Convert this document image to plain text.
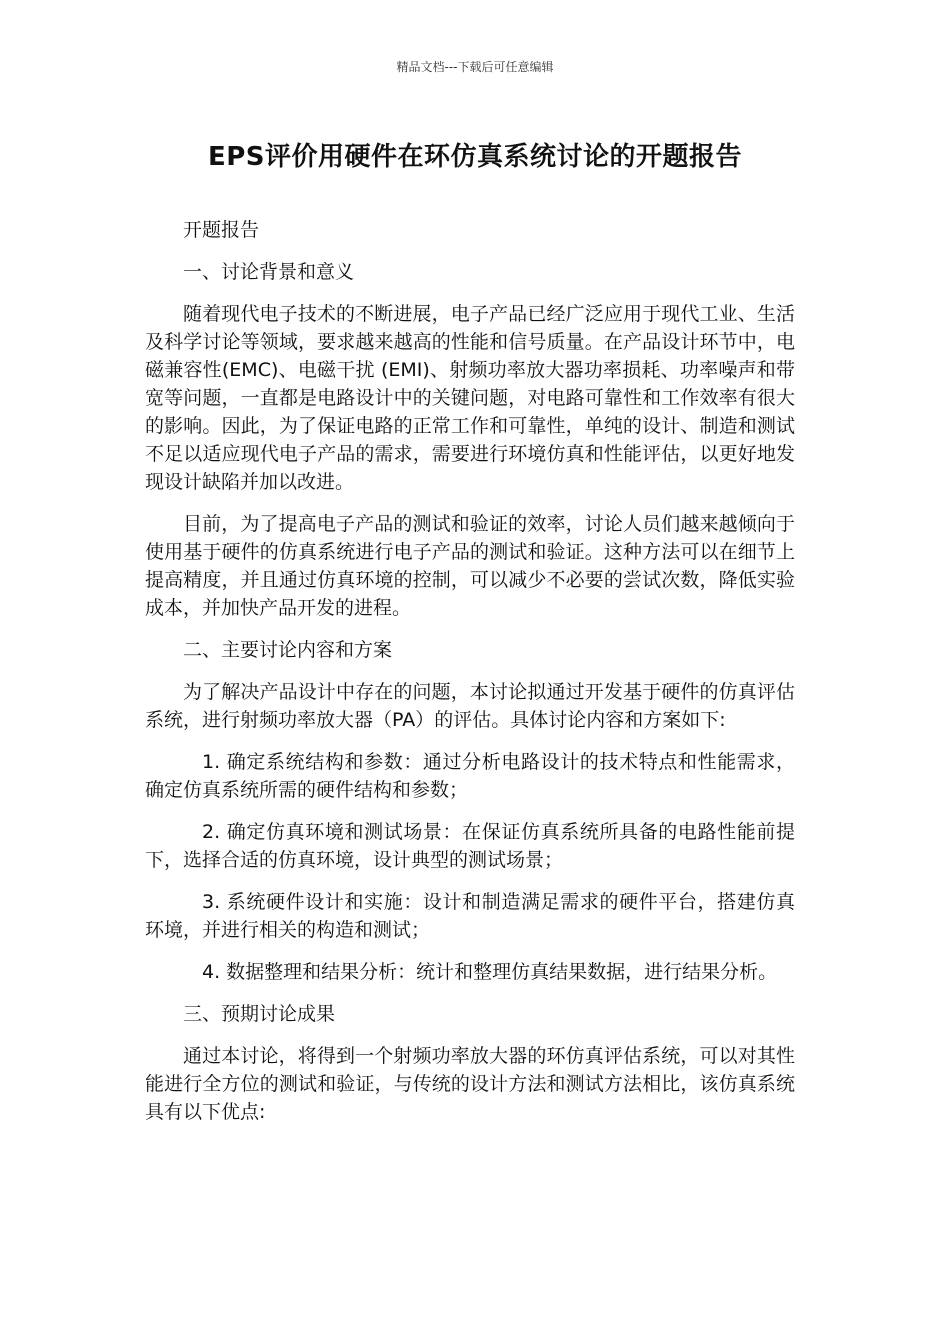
精品文档---下载后可任意编辑
EPS评价用硬件在环仿真系统讨论的开题报告

开题报告

一、讨论背景和意义

随着现代电子技术的不断进展，电子产品已经广泛应用于现代工业、生活及科学讨论等领域，要求越来越高的性能和信号质量。在产品设计环节中，电磁兼容性(EMC)、电磁干扰 (EMI)、射频功率放大器功率损耗、功率噪声和带宽等问题，一直都是电路设计中的关键问题，对电路可靠性和工作效率有很大的影响。因此，为了保证电路的正常工作和可靠性，单纯的设计、制造和测试不足以适应现代电子产品的需求，需要进行环境仿真和性能评估，以更好地发现设计缺陷并加以改进。

目前，为了提高电子产品的测试和验证的效率，讨论人员们越来越倾向于使用基于硬件的仿真系统进行电子产品的测试和验证。这种方法可以在细节上提高精度，并且通过仿真环境的控制，可以减少不必要的尝试次数，降低实验成本，并加快产品开发的进程。

二、主要讨论内容和方案

为了解决产品设计中存在的问题，本讨论拟通过开发基于硬件的仿真评估系统，进行射频功率放大器（PA）的评估。具体讨论内容和方案如下:

1. 确定系统结构和参数：通过分析电路设计的技术特点和性能需求，确定仿真系统所需的硬件结构和参数；

2. 确定仿真环境和测试场景：在保证仿真系统所具备的电路性能前提下，选择合适的仿真环境，设计典型的测试场景；

3. 系统硬件设计和实施：设计和制造满足需求的硬件平台，搭建仿真环境，并进行相关的构造和测试；

4. 数据整理和结果分析：统计和整理仿真结果数据，进行结果分析。

三、预期讨论成果

通过本讨论，将得到一个射频功率放大器的环仿真评估系统，可以对其性能进行全方位的测试和验证，与传统的设计方法和测试方法相比，该仿真系统具有以下优点:
